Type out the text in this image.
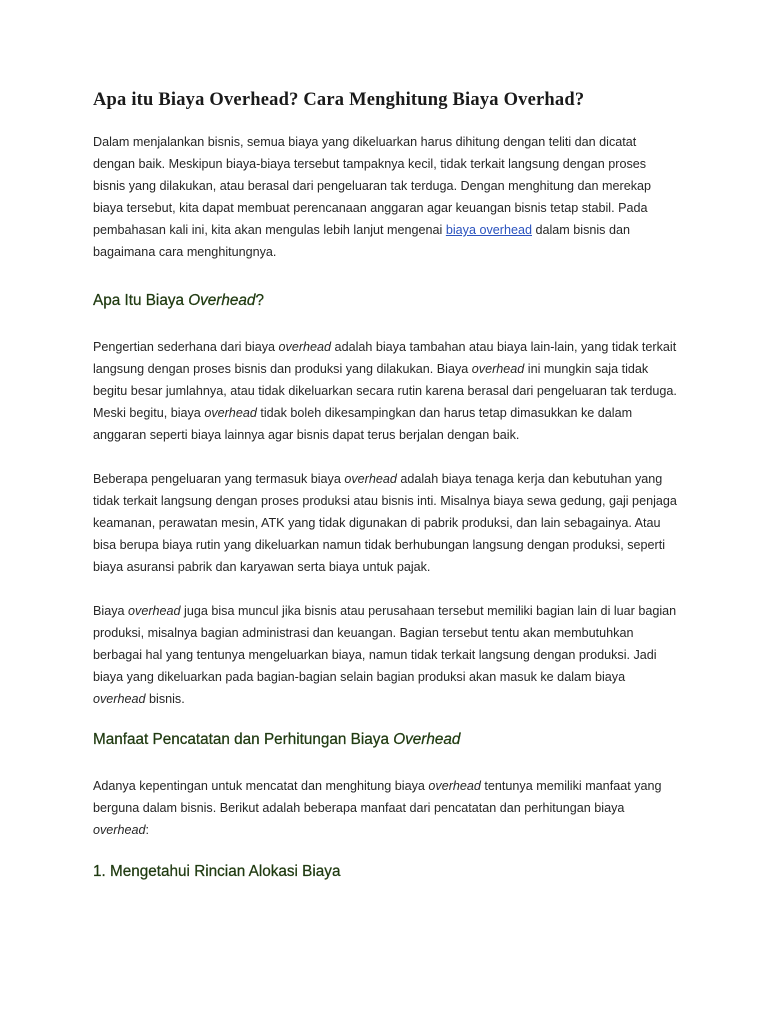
Apa itu Biaya Overhead? Cara Menghitung Biaya Overhad?

Dalam menjalankan bisnis, semua biaya yang dikeluarkan harus dihitung dengan teliti dan dicatat dengan baik. Meskipun biaya-biaya tersebut tampaknya kecil, tidak terkait langsung dengan proses bisnis yang dilakukan, atau berasal dari pengeluaran tak terduga. Dengan menghitung dan merekap biaya tersebut, kita dapat membuat perencanaan anggaran agar keuangan bisnis tetap stabil. Pada pembahasan kali ini, kita akan mengulas lebih lanjut mengenai biaya overhead dalam bisnis dan bagaimana cara menghitungnya.

Apa Itu Biaya Overhead?

Pengertian sederhana dari biaya overhead adalah biaya tambahan atau biaya lain-lain, yang tidak terkait langsung dengan proses bisnis dan produksi yang dilakukan. Biaya overhead ini mungkin saja tidak begitu besar jumlahnya, atau tidak dikeluarkan secara rutin karena berasal dari pengeluaran tak terduga. Meski begitu, biaya overhead tidak boleh dikesampingkan dan harus tetap dimasukkan ke dalam anggaran seperti biaya lainnya agar bisnis dapat terus berjalan dengan baik.

Beberapa pengeluaran yang termasuk biaya overhead adalah biaya tenaga kerja dan kebutuhan yang tidak terkait langsung dengan proses produksi atau bisnis inti. Misalnya biaya sewa gedung, gaji penjaga keamanan, perawatan mesin, ATK yang tidak digunakan di pabrik produksi, dan lain sebagainya. Atau bisa berupa biaya rutin yang dikeluarkan namun tidak berhubungan langsung dengan produksi, seperti biaya asuransi pabrik dan karyawan serta biaya untuk pajak.

Biaya overhead juga bisa muncul jika bisnis atau perusahaan tersebut memiliki bagian lain di luar bagian produksi, misalnya bagian administrasi dan keuangan. Bagian tersebut tentu akan membutuhkan berbagai hal yang tentunya mengeluarkan biaya, namun tidak terkait langsung dengan produksi. Jadi biaya yang dikeluarkan pada bagian-bagian selain bagian produksi akan masuk ke dalam biaya overhead bisnis.

Manfaat Pencatatan dan Perhitungan Biaya Overhead

Adanya kepentingan untuk mencatat dan menghitung biaya overhead tentunya memiliki manfaat yang berguna dalam bisnis. Berikut adalah beberapa manfaat dari pencatatan dan perhitungan biaya overhead:

1. Mengetahui Rincian Alokasi Biaya
